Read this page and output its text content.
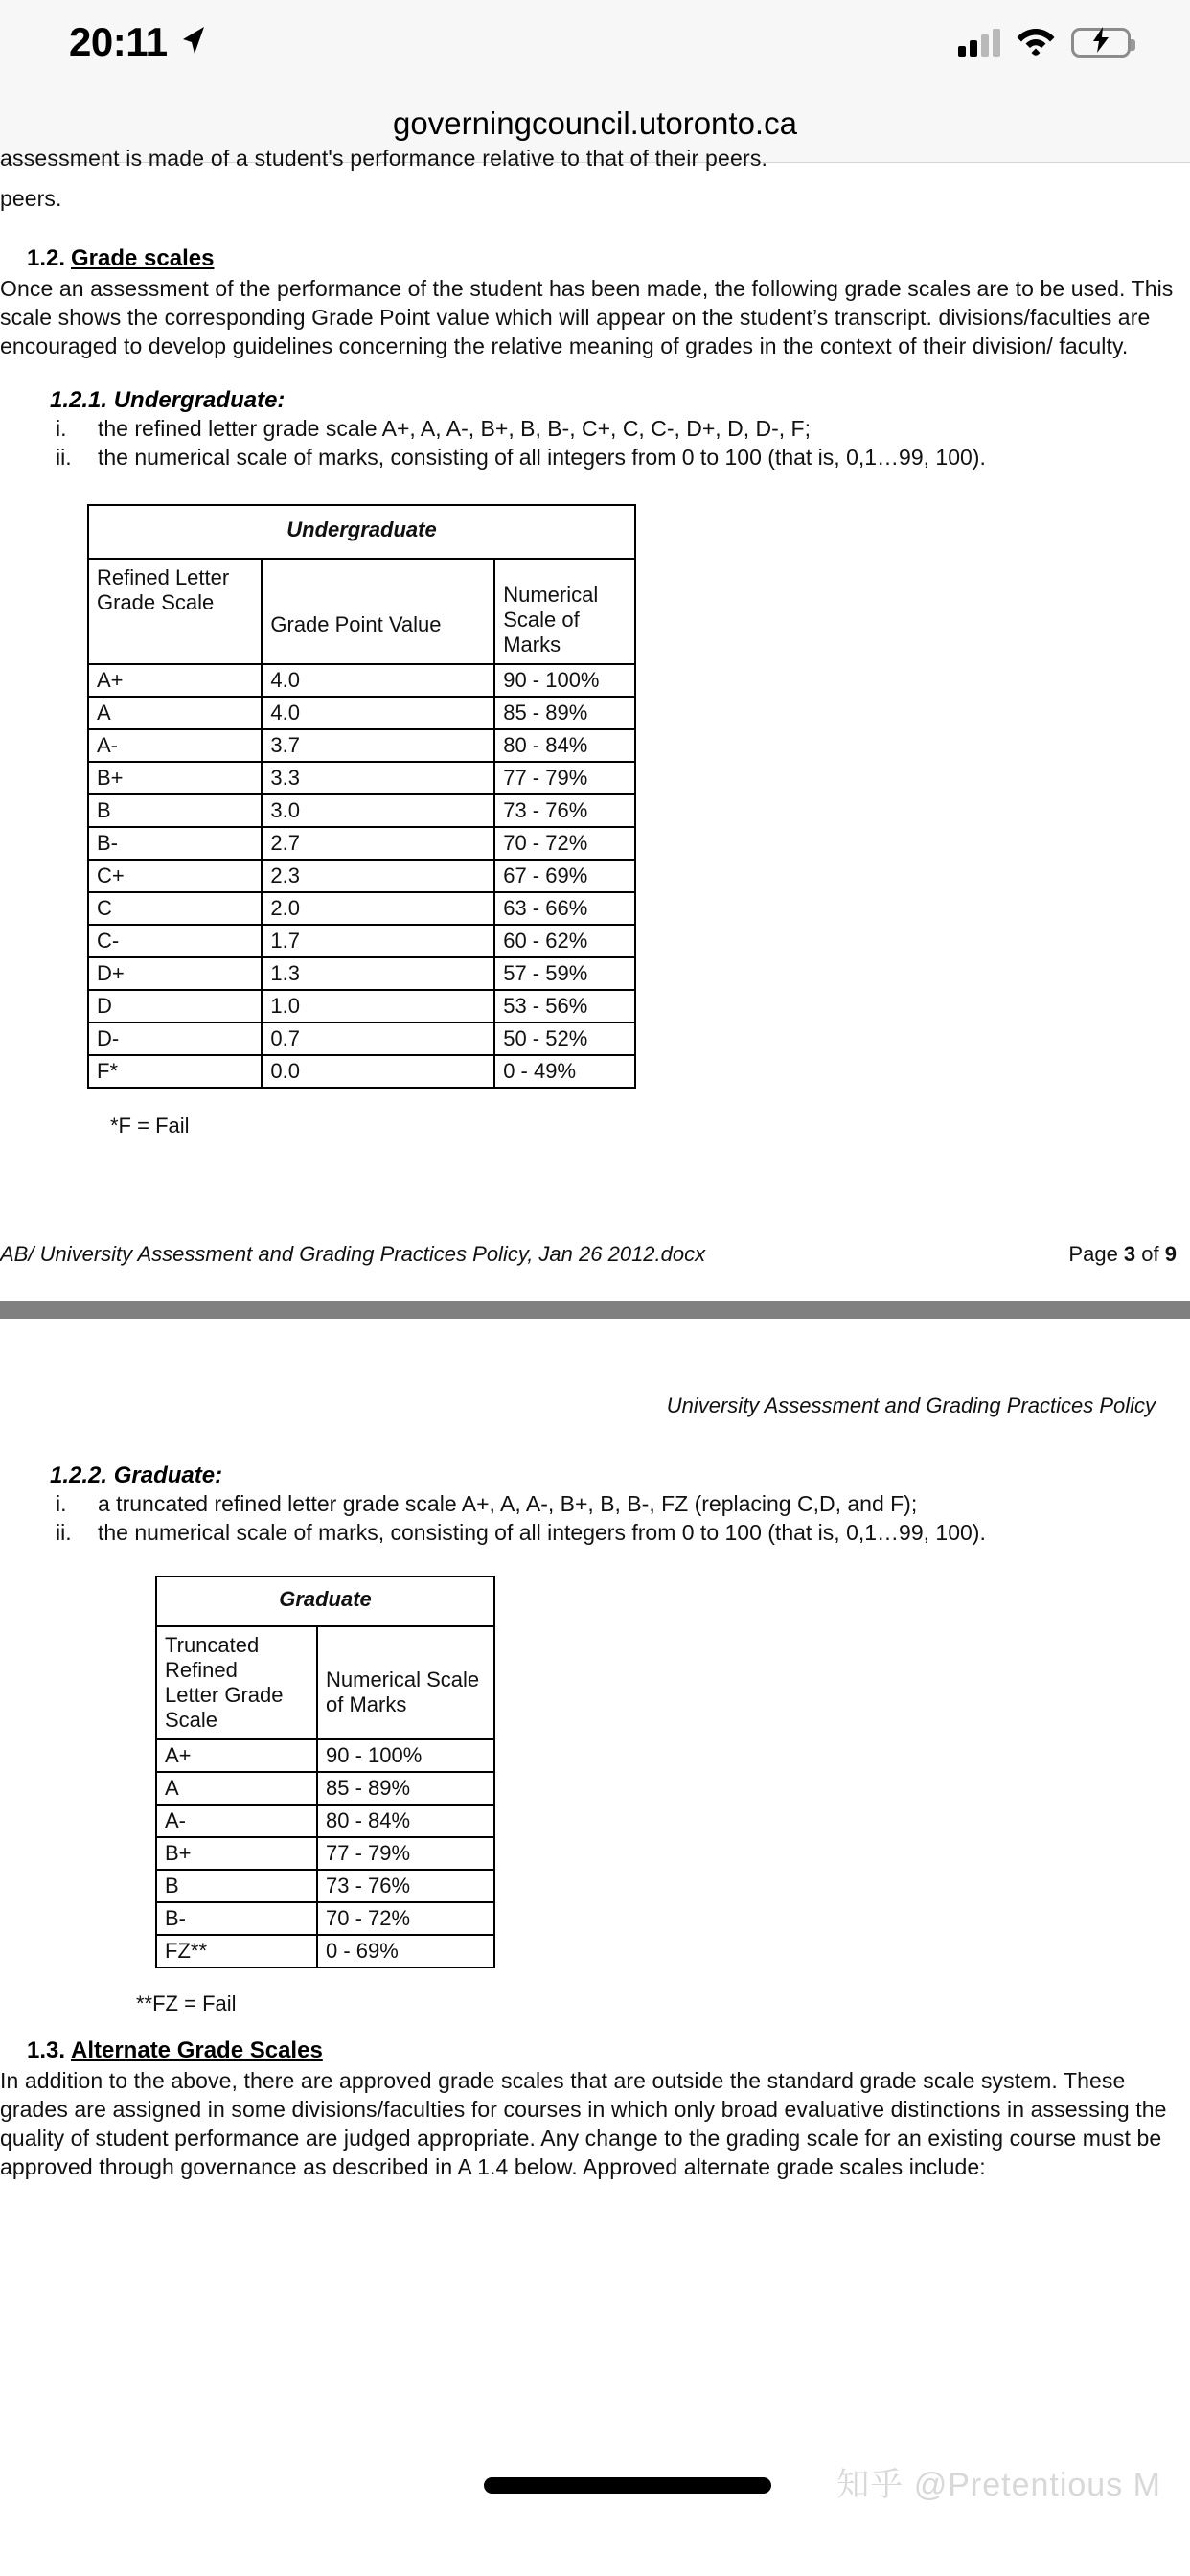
20:11
governingcouncil.utoronto.ca
assessment is made of a student's performance relative to that of their peers.
peers.
1.2. Grade scales
Once an assessment of the performance of the student has been made, the following grade scales are to be used. This scale shows the corresponding Grade Point value which will appear on the student’s transcript. divisions/faculties are encouraged to develop guidelines concerning the relative meaning of grades in the context of their division/ faculty.
1.2.1. Undergraduate:
i.	the refined letter grade scale A+, A, A-, B+, B, B-, C+, C, C-, D+, D, D-, F;
ii.	the numerical scale of marks, consisting of all integers from 0 to 100 (that is, 0,1…99, 100).
Undergraduate		
Refined Letter Grade Scale	Grade Point Value	Numerical
Scale of Marks

A+	4.0	90 - 100%
A	4.0	85 - 89%
A-	3.7	80 - 84%
B+	3.3	77 - 79%
B	3.0	73 - 76%
B-	2.7	70 - 72%
C+	2.3	67 - 69%
C	2.0	63 - 66%
C-	1.7	60 - 62%
D+	1.3	57 - 59%
D	1.0	53 - 56%
D-	0.7	50 - 52%
F*	0.0	0 - 49%
*F = Fail
AB/ University Assessment and Grading Practices Policy, Jan 26 2012.docx	Page 3 of 9
University Assessment and Grading Practices Policy
1.2.2. Graduate:
i.	a truncated refined letter grade scale A+, A, A-, B+, B, B-, FZ (replacing C,D, and F);
ii.	the numerical scale of marks, consisting of all integers from 0 to 100 (that is, 0,1…99, 100).
Graduate	

Truncated Refined
Letter Grade Scale	Numerical Scale of Marks
A+	90 - 100%
A	85 - 89%
A-	80 - 84%
B+	77 - 79%
B	73 - 76%
B-	70 - 72%
FZ**	0 - 69%
**FZ = Fail
1.3. Alternate Grade Scales
In addition to the above, there are approved grade scales that are outside the standard grade scale system. These grades are assigned in some divisions/faculties for courses in which only broad evaluative distinctions in assessing the quality of student performance are judged appropriate. Any change to the grading scale for an existing course must be approved through governance as described in A 1.4 below. Approved alternate grade scales include:
知乎 @Pretentious M
